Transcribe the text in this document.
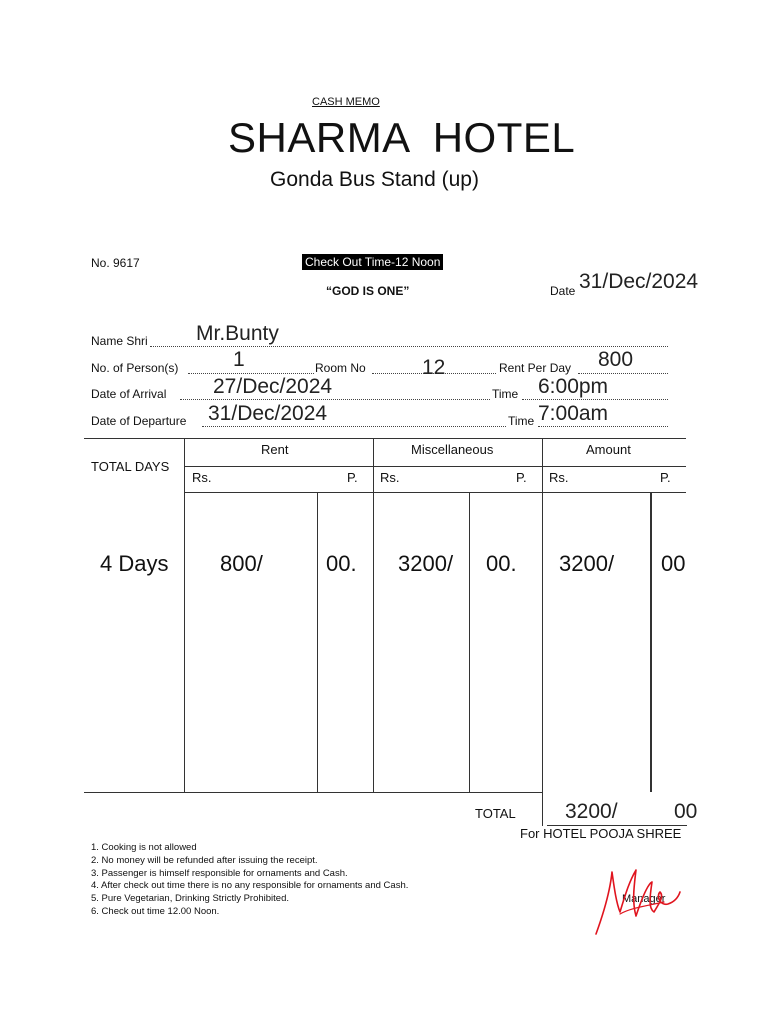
CASH MEMO
SHARMA  HOTEL
Gonda Bus Stand (up)
No. 9617	Check Out Time-12 Noon
“GOD IS ONE”	Date 31/Dec/2024
Name Shri Mr.Bunty
No. of Person(s)	1	Room No	12	Rent Per Day 800
Date of Arrival 27/Dec/2024	Time 6:00pm
Date of Departure 31/Dec/2024	Time 7:00am
TOTAL DAYS
Rent	Miscellaneous	Amount
Rs.	P. Rs.	P. Rs.	P.
4 Days 800/	00. 3200/ 00. 3200/ 00
TOTAL 3200/	00
For HOTEL POOJA SHREE
1. Cooking is not allowed
2. No money will be refunded after issuing the receipt.
3. Passenger is himself responsible for ornaments and Cash.
4. After check out time there is no any responsible for ornaments and Cash.
5. Pure Vegetarian, Drinking Strictly Prohibited.
6. Check out time 12.00 Noon.
Manager
